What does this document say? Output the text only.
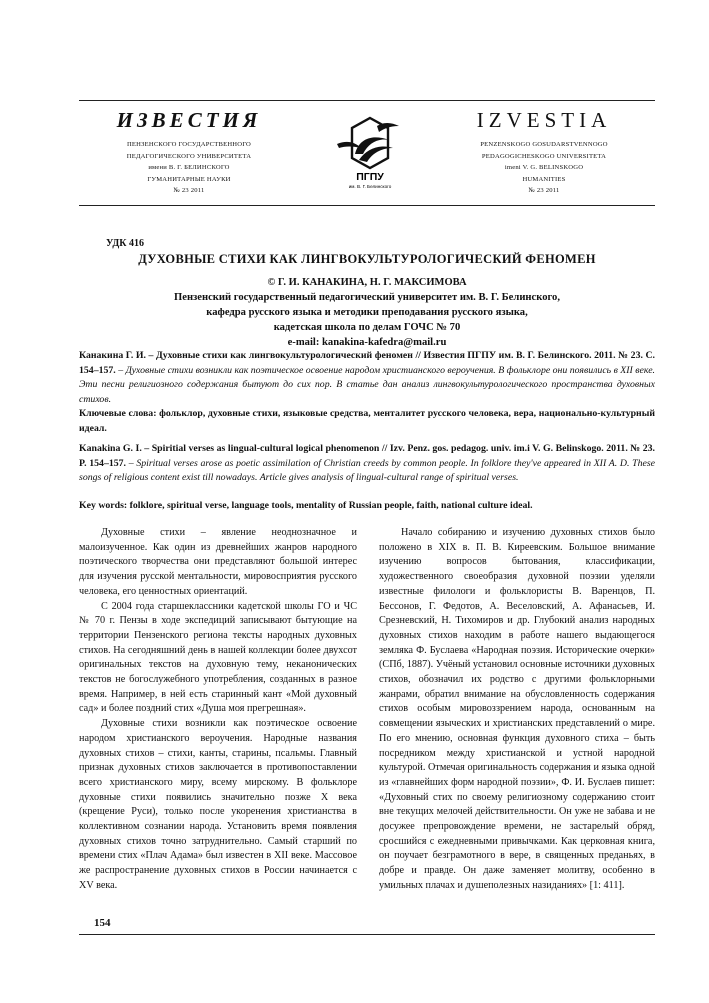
ИЗВЕСТИЯ
ПЕНЗЕНСКОГО ГОСУДАРСТВЕННОГО
ПЕДАГОГИЧЕСКОГО УНИВЕРСИТЕТА
имени В. Г. БЕЛИНСКОГО
ГУМАНИТАРНЫЕ НАУКИ
№ 23 2011
ПГПУ
им. В. Г. Белинского
IZVESTIA
PENZENSKOGO GOSUDARSTVENNOGO
PEDAGOGICHESKOGO UNIVERSITETA
imeni V. G. BELINSKOGO
HUMANITIES
№ 23 2011
УДК 416
ДУХОВНЫЕ СТИХИ КАК ЛИНГВОКУЛЬТУРОЛОГИЧЕСКИЙ ФЕНОМЕН
© Г. И. КАНАКИНА, Н. Г. МАКСИМОВА
Пензенский государственный педагогический университет им. В. Г. Белинского,
кафедра русского языка и методики преподавания русского языка,
кадетская школа по делам ГОЧС № 70
e-mail: kanakina-kafedra@mail.ru
Канакина Г. И. – Духовные стихи как лингвокультурологический феномен // Известия ПГПУ им. В. Г. Белинского. 2011. № 23. С. 154–157. – Духовные стихи возникли как поэтическое освоение народом христианского вероучения. В фольклоре они появились в XII веке. Эти песни религиозного содержания бытуют до сих пор. В статье дан анализ лингвокультурологического пространства духовных стихов.
Ключевые слова: фольклор, духовные стихи, языковые средства, менталитет русского человека, вера, национально-культурный идеал.
Kanakina G. I. – Spiritial verses as lingual-cultural logical phenomenon // Izv. Penz. gos. pedagog. univ. im.i V. G. Belinskogo. 2011. № 23. P. 154–157. – Spiritual verses arose as poetic assimilation of Christian creeds by common people. In folklore they've appeared in XII A. D. These songs of religious content exist till nowadays. Article gives analysis of lingual-cultural range of spiritual verses.
Key words: folklore, spiritual verse, language tools, mentality of Russian people, faith, national culture ideal.

Духовные стихи – явление неоднозначное и малоизученное. Как один из древнейших жанров народного поэтического творчества они представляют большой интерес для изучения русской ментальности, мировосприятия русского человека, его ценностных ориентаций.

С 2004 года старшеклассники кадетской школы ГО и ЧС № 70 г. Пензы в ходе экспедиций записывают бытующие на территории Пензенского региона тексты народных духовных стихов. На сегодняшний день в нашей коллекции более двухсот оригинальных текстов на духовную тему, неканонических текстов не богослужебного употребления, созданных в разное время. Например, в ней есть старинный кант «Мой духовный сад» и более поздний стих «Душа моя прегрешная».

Духовные стихи возникли как поэтическое освоение народом христианского вероучения. Народные названия духовных стихов – стихи, канты, старины, псальмы. Главный признак духовных стихов заключается в противопоставлении всего христианского миру, всему мирскому. В фольклоре духовные стихи появились значительно позже Х века (крещение Руси), только после укоренения христианства в коллективном сознании народа. Установить время появления духовных стихов точно затруднительно. Самый старший по времени стих «Плач Адама» был известен в XII веке. Массовое же распространение духовных стихов в России начинается с XV века.

Начало собиранию и изучению духовных стихов было положено в XIX в. П. В. Киреевским. Большое внимание изучению вопросов бытования, классификации, художественного своеобразия духовной поэзии уделяли известные филологи и фольклористы В. Варенцов, П. Бессонов, Г. Федотов, А. Веселовский, А. Афанасьев, И. Срезневский, Н. Тихомиров и др. Глубокий анализ народных духовных стихов находим в работе нашего выдающегося земляка Ф. Буслаева «Народная поэзия. Исторические очерки» (СПб, 1887). Учёный установил основные источники духовных стихов, обозначил их родство с другими фольклорными жанрами, обратил внимание на обусловленность содержания стихов особым мировоззрением народа, основанным на совмещении языческих и христианских представлений о мире. По его мнению, основная функция духовного стиха – быть посредником между христианской и устной народной культурой. Отмечая оригинальность содержания и языка одной из «главнейших форм народной поэзии», Ф. И. Буслаев пишет: «Духовный стих по своему религиозному содержанию стоит вне текущих мелочей действительности. Он уже не забава и не досужее препровождение времени, не застарелый обряд, сросшийся с ежедневными привычками. Как церковная книга, он поучает безграмотного в вере, в священных преданьях, в добре и правде. Он даже заменяет молитву, особенно в умильных плачах и душеполезных назиданиях» [1: 411].

154
